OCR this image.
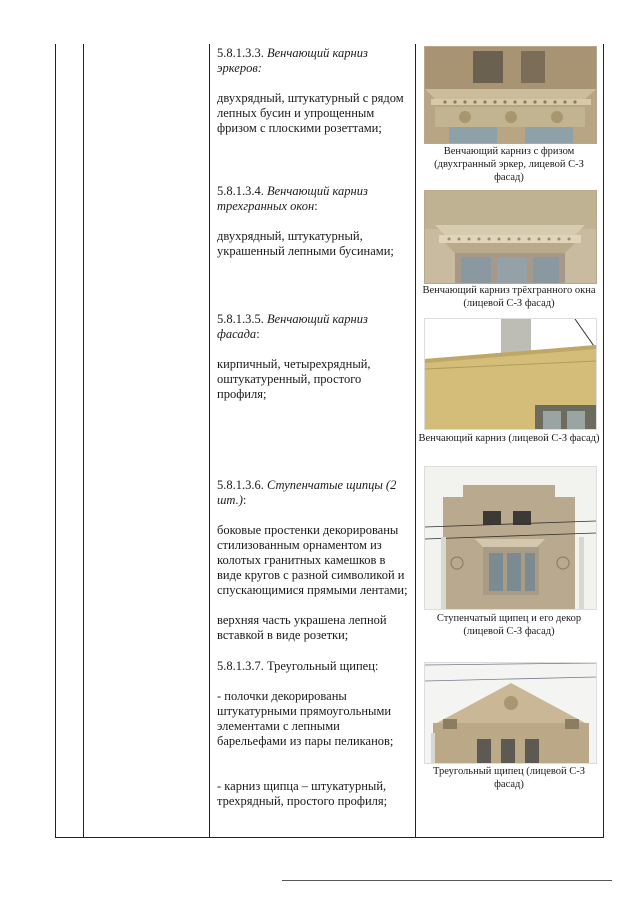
5.8.1.3.3. Венчающий карниз эркеров:

двухрядный, штукатурный с рядом лепных бусин и упрощенным фризом с плоскими розеттами;

Венчающий карниз с фризом (двухгранный эркер, лицевой С-З фасад)

5.8.1.3.4. Венчающий карниз трехгранных окон:

двухрядный, штукатурный, украшенный лепными бусинами;

Венчающий карниз трёхгранного окна (лицевой С-З фасад)

5.8.1.3.5. Венчающий карниз фасада:

кирпичный, четырехрядный, оштукатуренный, простого профиля;

Венчающий карниз (лицевой С-З фасад)

5.8.1.3.6. Ступенчатые щипцы (2 шт.):

боковые простенки декорированы стилизованным орнаментом из колотых гранитных камешков в виде кругов с разной символикой и спускающимися прямыми лентами;

верхняя часть украшена лепной вставкой в виде розетки;

Ступенчатый щипец и его декор (лицевой С-З фасад)

5.8.1.3.7. Треугольный щипец:

- полочки декорированы штукатурными прямоугольными элементами с лепными барельефами из пары пеликанов;

- карниз щипца – штукатурный, трехрядный, простого профиля;

Треугольный щипец (лицевой С-З фасад)
